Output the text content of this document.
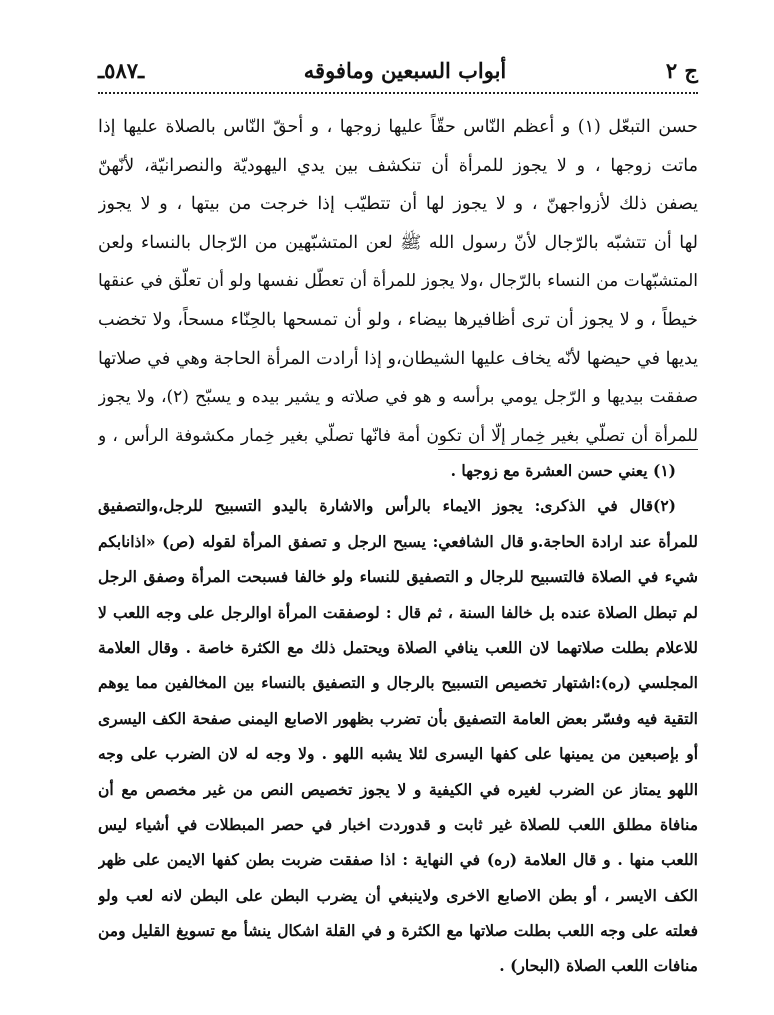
ج ٢
أبواب السبعين ومافوقه
ـ٥٨٧ـ
حسن التبعّل (١) و أعظم النّاس حقّاً عليها زوجها ، و أحقّ النّاس بالصلاة عليها إذا
ماتت زوجها ، و لا يجوز للمرأة أن تنكشف بين يدي اليهوديّة والنصرانيّة، لأنّهنّ
يصفن ذلك لأزواجهنّ ، و لا يجوز لها أن تتطيّب إذا خرجت من بيتها ، و لا يجوز
لها أن تتشبّه بالرّجال لأنّ رسول الله ﷺ لعن المتشبّهين من الرّجال بالنساء ولعن
المتشبّهات من النساء بالرّجال ،ولا يجوز للمرأة أن تعطّل نفسها ولو أن تعلّق في عنقها
خيطاً ، و لا يجوز أن ترى أظافيرها بيضاء ، ولو أن تمسحها بالحِنّاء مسحاً، ولا تخضب
يديها في حيضها لأنّه يخاف عليها الشيطان،و إذا أرادت المرأة الحاجة وهي في صلاتها
صفقت بيديها و الرّجل يومي برأسه و هو في صلاته و يشير بيده و يسبّح (٢)، ولا يجوز
للمرأة أن تصلّي بغير خِمار إلّا أن تكون أمة فانّها تصلّي بغير خِمار مكشوفة الرأس ، و
(١) يعني حسن العشرة مع زوجها .
(٢)قال في الذكرى: يجوز الايماء بالرأس والاشارة باليدو التسبيح للرجل،والتصفيق
للمرأة عند ارادة الحاجة.و قال الشافعي: يسبح الرجل و تصفق المرأة لقوله (ص) «اذانابكم
شيء في الصلاة فالتسبيح للرجال و التصفيق للنساء ولو خالفا فسبحت المرأة وصفق الرجل
لم تبطل الصلاة عنده بل خالفا السنة ، ثم قال : لوصفقت المرأة اوالرجل على وجه اللعب لا
للاعلام بطلت صلاتهما لان اللعب ينافي الصلاة ويحتمل ذلك مع الكثرة خاصة . وقال العلامة
المجلسي (ره):اشتهار تخصيص التسبيح بالرجال و التصفيق بالنساء بين المخالفين مما يوهم
التقية فيه وفسّر بعض العامة التصفيق بأن تضرب بظهور الاصابع اليمنى صفحة الكف اليسرى
أو بإصبعين من يمينها على كفها اليسرى لئلا يشبه اللهو . ولا وجه له لان الضرب على وجه
اللهو يمتاز عن الضرب لغيره في الكيفية و لا يجوز تخصيص النص من غير مخصص مع أن
منافاة مطلق اللعب للصلاة غير ثابت و قدوردت اخبار في حصر المبطلات في أشياء ليس
اللعب منها . و قال العلامة (ره) في النهاية : اذا صفقت ضربت بطن كفها الايمن على ظهر
الكف الايسر ، أو بطن الاصابع الاخرى ولاينبغي أن يضرب البطن على البطن لانه لعب ولو
فعلته على وجه اللعب بطلت صلاتها مع الكثرة و في القلة اشكال ينشأ مع تسويغ القليل ومن
منافات اللعب الصلاة (البحار) .
